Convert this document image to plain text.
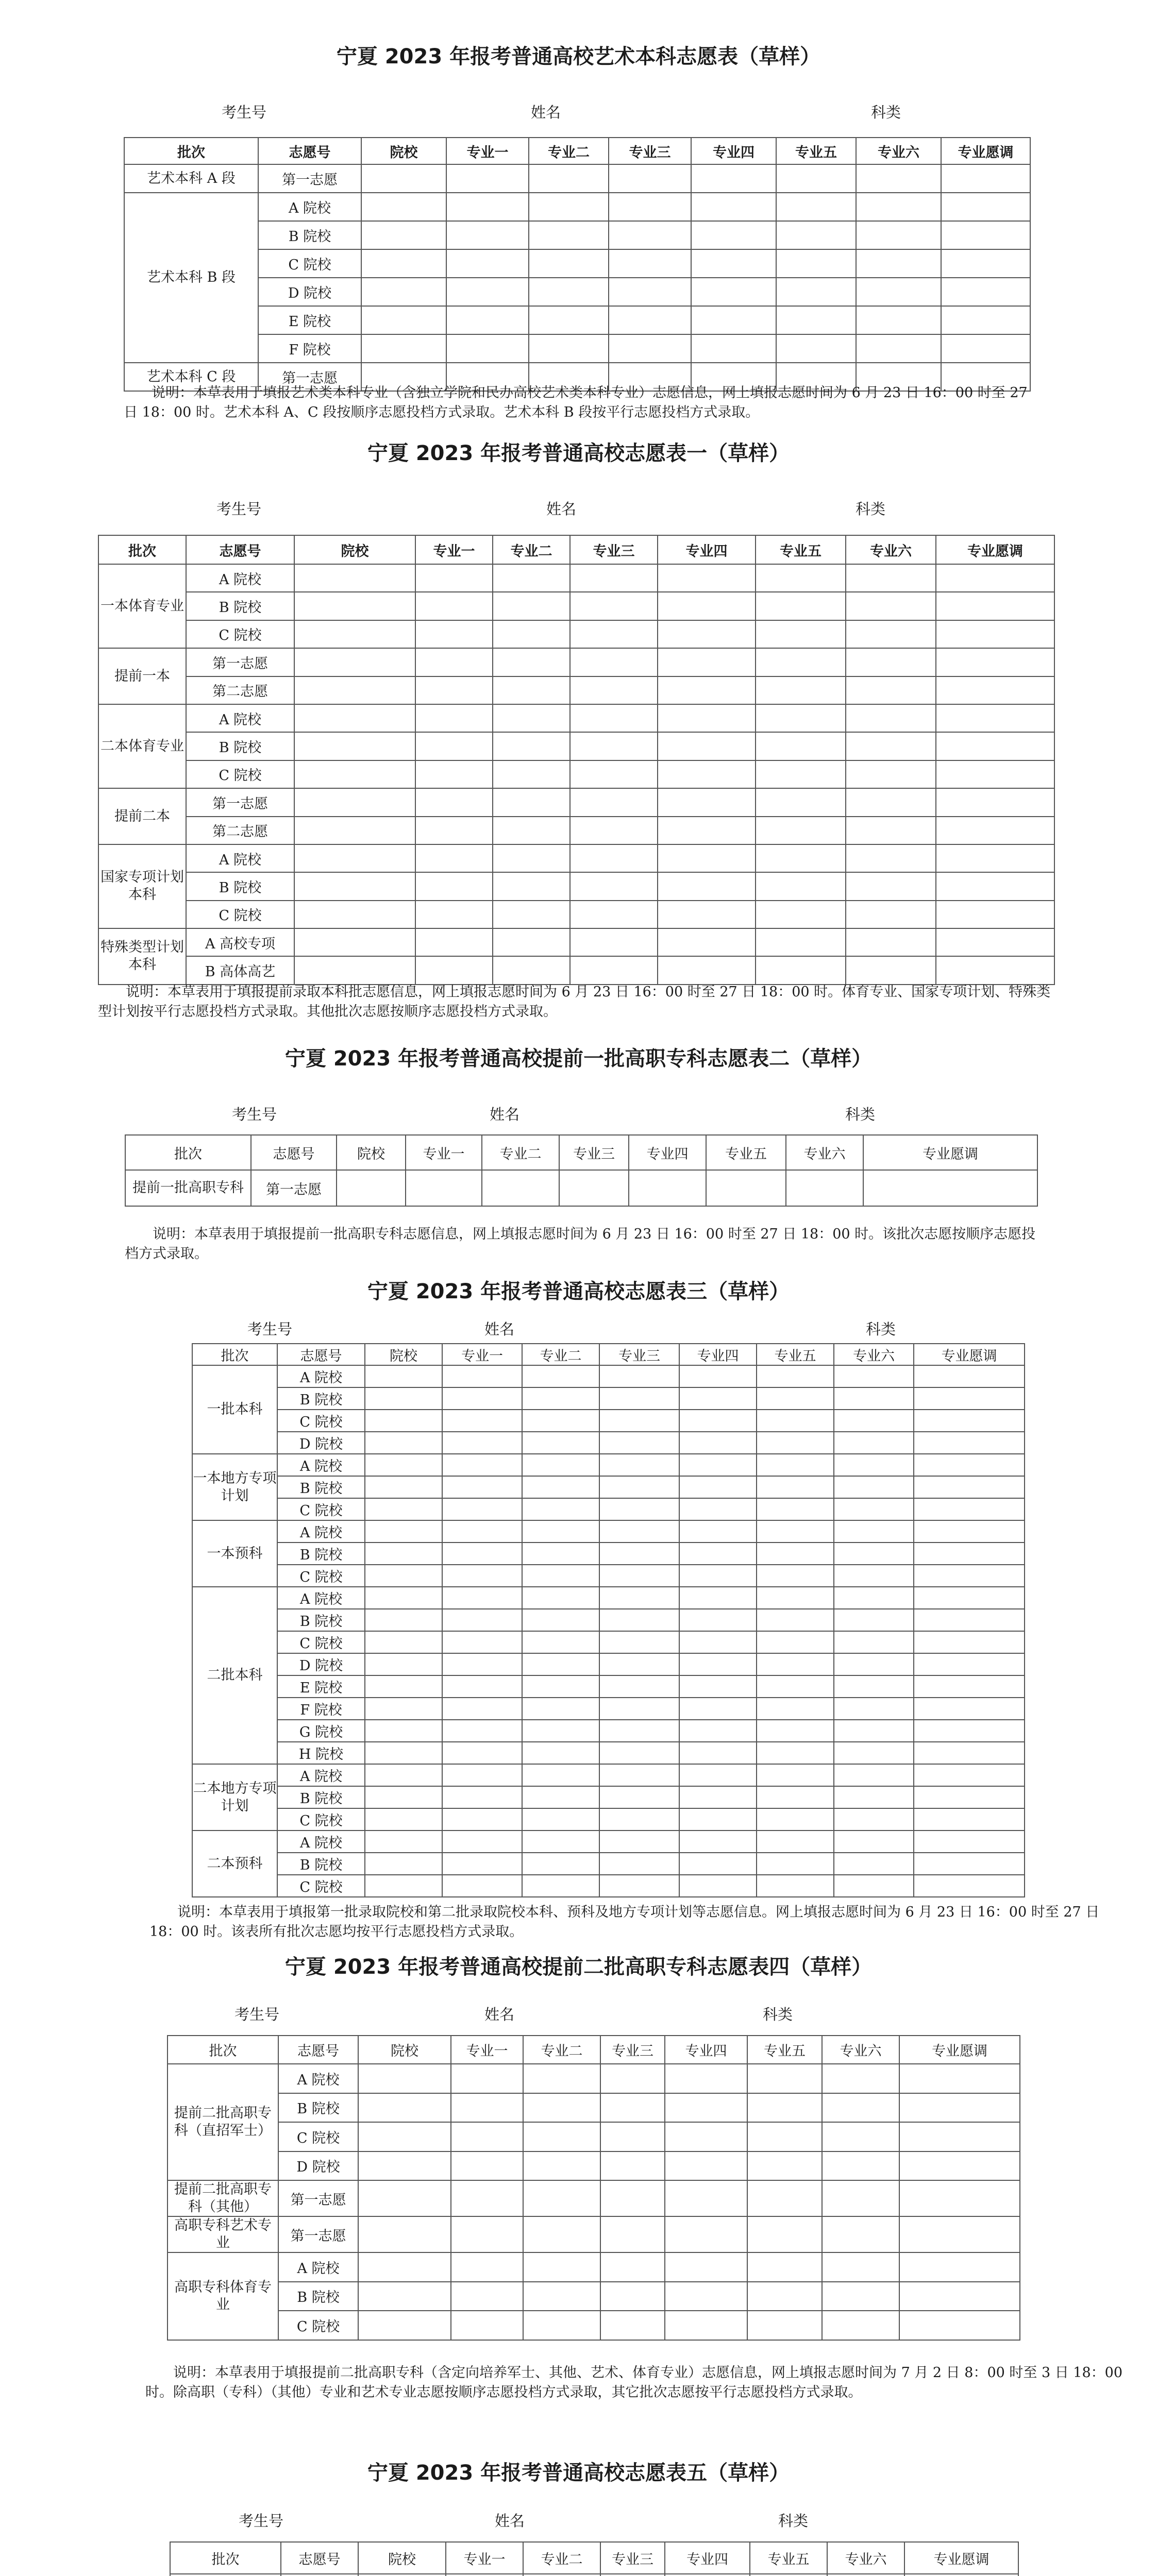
宁夏 2023 年报考普通高校艺术本科志愿表（草样）
考生号	姓名	科类
批次	志愿号	院校	专业一	专业二	专业三	专业四	专业五	专业六	专业愿调
艺术本科 A 段	第一志愿								
艺术本科 B 段	A 院校								
	B 院校								
	C 院校								
	D 院校								
	E 院校								
	F 院校								
艺术本科 C 段	第一志愿								

说明：本草表用于填报艺术类本科专业（含独立学院和民办高校艺术类本科专业）志愿信息，网上填报志愿时间为 6 月 23 日 16：00 时至 27 日 18：00 时。艺术本科 A、C 段按顺序志愿投档方式录取。艺术本科 B 段按平行志愿投档方式录取。

宁夏 2023 年报考普通高校志愿表一（草样）
考生号	姓名	科类
批次	志愿号	院校	专业一	专业二	专业三	专业四	专业五	专业六	专业愿调
一本体育专业	A 院校								
	B 院校								
	C 院校								
提前一本	第一志愿								
	第二志愿								
二本体育专业	A 院校								
	B 院校								
	C 院校								
提前二本	第一志愿								
	第二志愿								
国家专项计划本科	A 院校								
	B 院校								
	C 院校								
特殊类型计划本科	A 高校专项								
	B 高体高艺								

说明：本草表用于填报提前录取本科批志愿信息，网上填报志愿时间为 6 月 23 日 16：00 时至 27 日 18：00 时。体育专业、国家专项计划、特殊类型计划按平行志愿投档方式录取。其他批次志愿按顺序志愿投档方式录取。

宁夏 2023 年报考普通高校提前一批高职专科志愿表二（草样）
考生号	姓名	科类
批次	志愿号	院校	专业一	专业二	专业三	专业四	专业五	专业六	专业愿调
提前一批高职专科	第一志愿								

说明：本草表用于填报提前一批高职专科志愿信息，网上填报志愿时间为 6 月 23 日 16：00 时至 27 日 18：00 时。该批次志愿按顺序志愿投档方式录取。

宁夏 2023 年报考普通高校志愿表三（草样）
考生号	姓名	科类
批次	志愿号	院校	专业一	专业二	专业三	专业四	专业五	专业六	专业愿调
一批本科	A 院校								
	B 院校								
	C 院校								
	D 院校								
一本地方专项计划	A 院校								
	B 院校								
	C 院校								
一本预科	A 院校								
	B 院校								
	C 院校								
二批本科	A 院校								
	B 院校								
	C 院校								
	D 院校								
	E 院校								
	F 院校								
	G 院校								
	H 院校								
二本地方专项计划	A 院校								
	B 院校								
	C 院校								
二本预科	A 院校								
	B 院校								
	C 院校								

说明：本草表用于填报第一批录取院校和第二批录取院校本科、预科及地方专项计划等志愿信息。网上填报志愿时间为 6 月 23 日 16：00 时至 27 日 18：00 时。该表所有批次志愿均按平行志愿投档方式录取。

宁夏 2023 年报考普通高校提前二批高职专科志愿表四（草样）
考生号	姓名	科类
批次	志愿号	院校	专业一	专业二	专业三	专业四	专业五	专业六	专业愿调
提前二批高职专科（直招军士）	A 院校								
	B 院校								
	C 院校								
	D 院校								
提前二批高职专科（其他）	第一志愿								
高职专科艺术专业	第一志愿								
高职专科体育专业	A 院校								
	B 院校								
	C 院校								

说明：本草表用于填报提前二批高职专科（含定向培养军士、其他、艺术、体育专业）志愿信息，网上填报志愿时间为 7 月 2 日 8：00 时至 3 日 18：00 时。除高职（专科）（其他）专业和艺术专业志愿按顺序志愿投档方式录取，其它批次志愿按平行志愿投档方式录取。

宁夏 2023 年报考普通高校志愿表五（草样）
考生号	姓名	科类
批次	志愿号	院校	专业一	专业二	专业三	专业四	专业五	专业六	专业愿调
